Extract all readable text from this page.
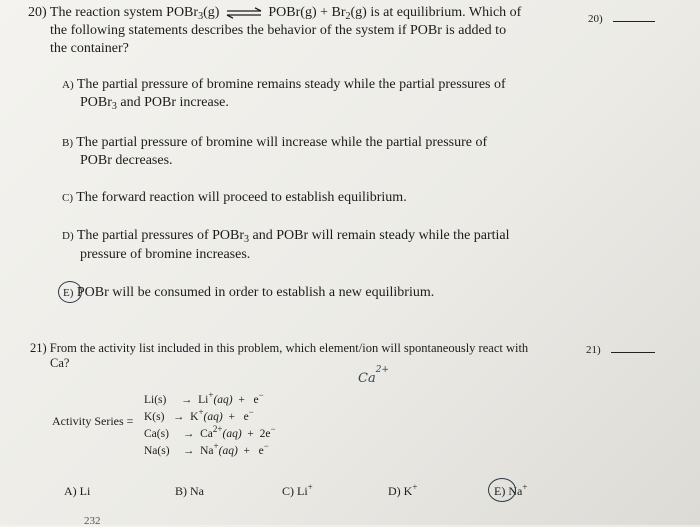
20) The reaction system POBr$_3$(g) ⇌ POBr(g) + $Br_2(g)$ is at equilibrium. Which of
the following statements describes the behavior of the system if POBr is added to
the container?
20)
A) The partial pressure of bromine remains steady while the partial pressures of
POBr$_3$ and POBr increase.
B) The partial pressure of bromine will increase while the partial pressure of
POBr decreases.
C) The forward reaction will proceed to establish equilibrium.
D) The partial pressures of POBr$_3$ and POBr will remain steady while the partial
pressure of bromine increases.
E) POBr will be consumed in order to establish a new equilibrium.
21) From the activity list included in this problem, which element/ion will spontaneously react with
Ca?
21)
$Ca^{2+}$
Activity Series =
Li(s) → Li+(aq) + e−
K(s) → K+(aq) + e−
$Ca(s) \to Ca^{2+}(aq) + 2e^-$
Na(s) → Na+(aq) + e−
A) Li	B) Na	C) Li+	D) K+	E) Na+
232
